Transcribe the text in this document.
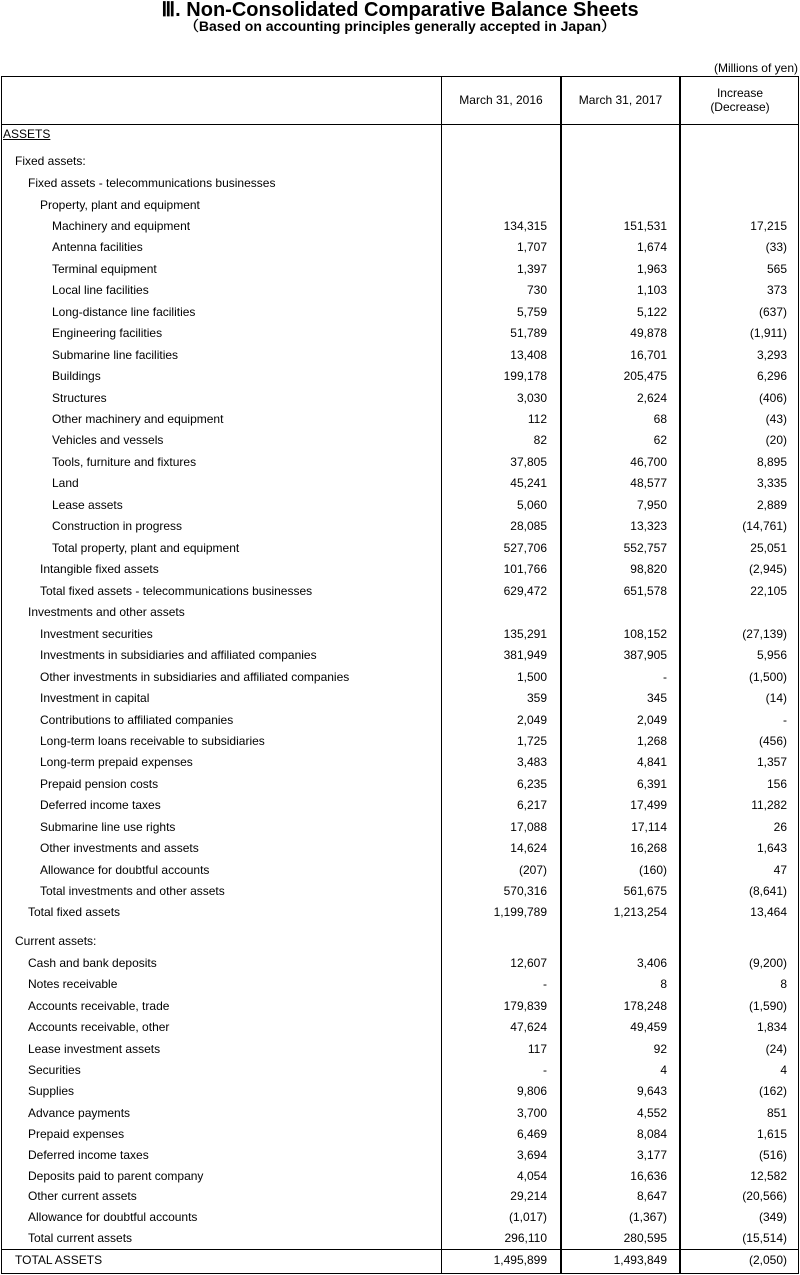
Ⅲ. Non-Consolidated Comparative Balance Sheets
（Based on accounting principles generally accepted in Japan）
(Millions of yen)
March 31, 2016	March 31, 2017	Increase
(Decrease)
ASSETS
Fixed assets:
Fixed assets - telecommunications businesses
Property, plant and equipment
Machinery and equipment	134,315	151,531	17,215
Antenna facilities	1,707	1,674	(33)
Terminal equipment	1,397	1,963	565
Local line facilities	730	1,103	373
Long-distance line facilities	5,759	5,122	(637)
Engineering facilities	51,789	49,878	(1,911)
Submarine line facilities	13,408	16,701	3,293
Buildings	199,178	205,475	6,296
Structures	3,030	2,624	(406)
Other machinery and equipment	112	68	(43)
Vehicles and vessels	82	62	(20)
Tools, furniture and fixtures	37,805	46,700	8,895
Land	45,241	48,577	3,335
Lease assets	5,060	7,950	2,889
Construction in progress	28,085	13,323	(14,761)
Total property, plant and equipment	527,706	552,757	25,051
Intangible fixed assets	101,766	98,820	(2,945)
Total fixed assets - telecommunications businesses	629,472	651,578	22,105
Investments and other assets
Investment securities	135,291	108,152	(27,139)
Investments in subsidiaries and affiliated companies	381,949	387,905	5,956
Other investments in subsidiaries and affiliated companies	1,500	-	(1,500)
Investment in capital	359	345	(14)
Contributions to affiliated companies	2,049	2,049	-
Long-term loans receivable to subsidiaries	1,725	1,268	(456)
Long-term prepaid expenses	3,483	4,841	1,357
Prepaid pension costs	6,235	6,391	156
Deferred income taxes	6,217	17,499	11,282
Submarine line use rights	17,088	17,114	26
Other investments and assets	14,624	16,268	1,643
Allowance for doubtful accounts	(207)	(160)	47
Total investments and other assets	570,316	561,675	(8,641)
Total fixed assets	1,199,789	1,213,254	13,464
Current assets:
Cash and bank deposits	12,607	3,406	(9,200)
Notes receivable	-	8	8
Accounts receivable, trade	179,839	178,248	(1,590)
Accounts receivable, other	47,624	49,459	1,834
Lease investment assets	117	92	(24)
Securities	-	4	4
Supplies	9,806	9,643	(162)
Advance payments	3,700	4,552	851
Prepaid expenses	6,469	8,084	1,615
Deferred income taxes	3,694	3,177	(516)
Deposits paid to parent company	4,054	16,636	12,582
Other current assets	29,214	8,647	(20,566)
Allowance for doubtful accounts	(1,017)	(1,367)	(349)
Total current assets	296,110	280,595	(15,514)
TOTAL ASSETS	1,495,899	1,493,849	(2,050)
